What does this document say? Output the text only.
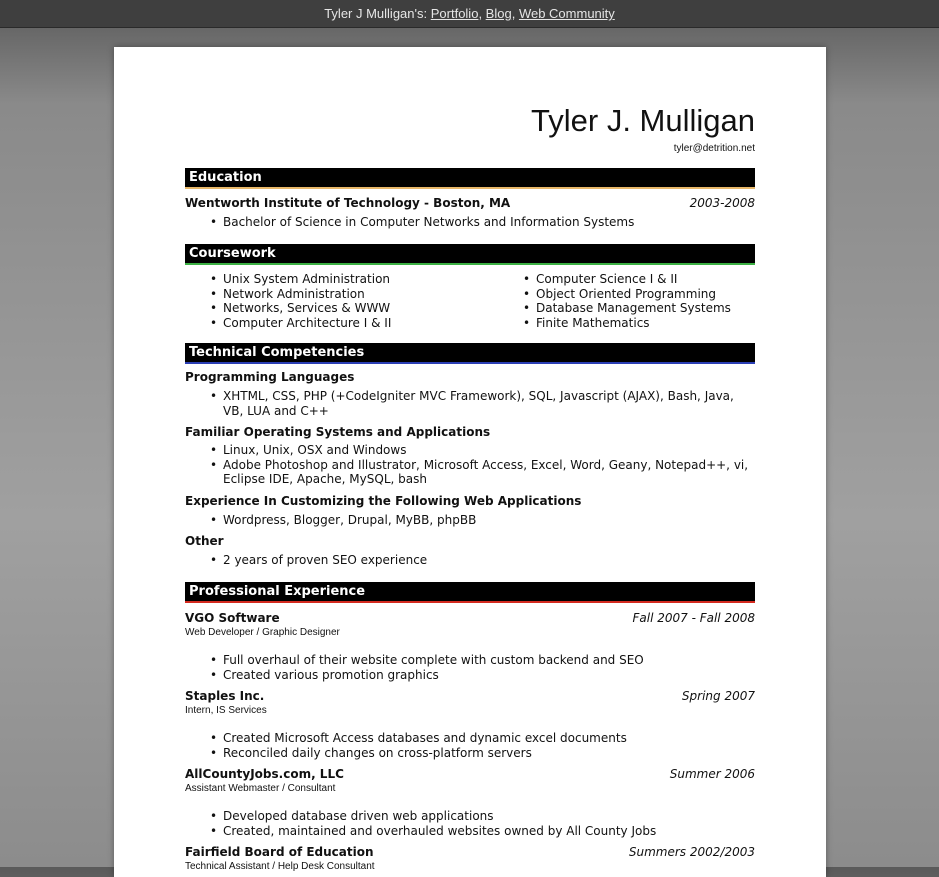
Tyler J Mulligan's: Portfolio, Blog, Web Community
Tyler J. Mulligan
tyler@detrition.net
Education
Wentworth Institute of Technology - Boston, MA	2003-2008
• Bachelor of Science in Computer Networks and Information Systems
Coursework
• Unix System Administration
• Network Administration
• Networks, Services & WWW
• Computer Architecture I & II
• Computer Science I & II
• Object Oriented Programming
• Database Management Systems
• Finite Mathematics
Technical Competencies
Programming Languages
• XHTML, CSS, PHP (+CodeIgniter MVC Framework), SQL, Javascript (AJAX), Bash, Java, VB, LUA and C++
Familiar Operating Systems and Applications
• Linux, Unix, OSX and Windows
• Adobe Photoshop and Illustrator, Microsoft Access, Excel, Word, Geany, Notepad++, vi, Eclipse IDE, Apache, MySQL, bash
Experience In Customizing the Following Web Applications
• Wordpress, Blogger, Drupal, MyBB, phpBB
Other
• 2 years of proven SEO experience
Professional Experience
VGO Software	Fall 2007 - Fall 2008
Web Developer / Graphic Designer
• Full overhaul of their website complete with custom backend and SEO
• Created various promotion graphics
Staples Inc.	Spring 2007
Intern, IS Services
• Created Microsoft Access databases and dynamic excel documents
• Reconciled daily changes on cross-platform servers
AllCountyJobs.com, LLC	Summer 2006
Assistant Webmaster / Consultant
• Developed database driven web applications
• Created, maintained and overhauled websites owned by All County Jobs
Fairfield Board of Education	Summers 2002/2003
Technical Assistant / Help Desk Consultant
